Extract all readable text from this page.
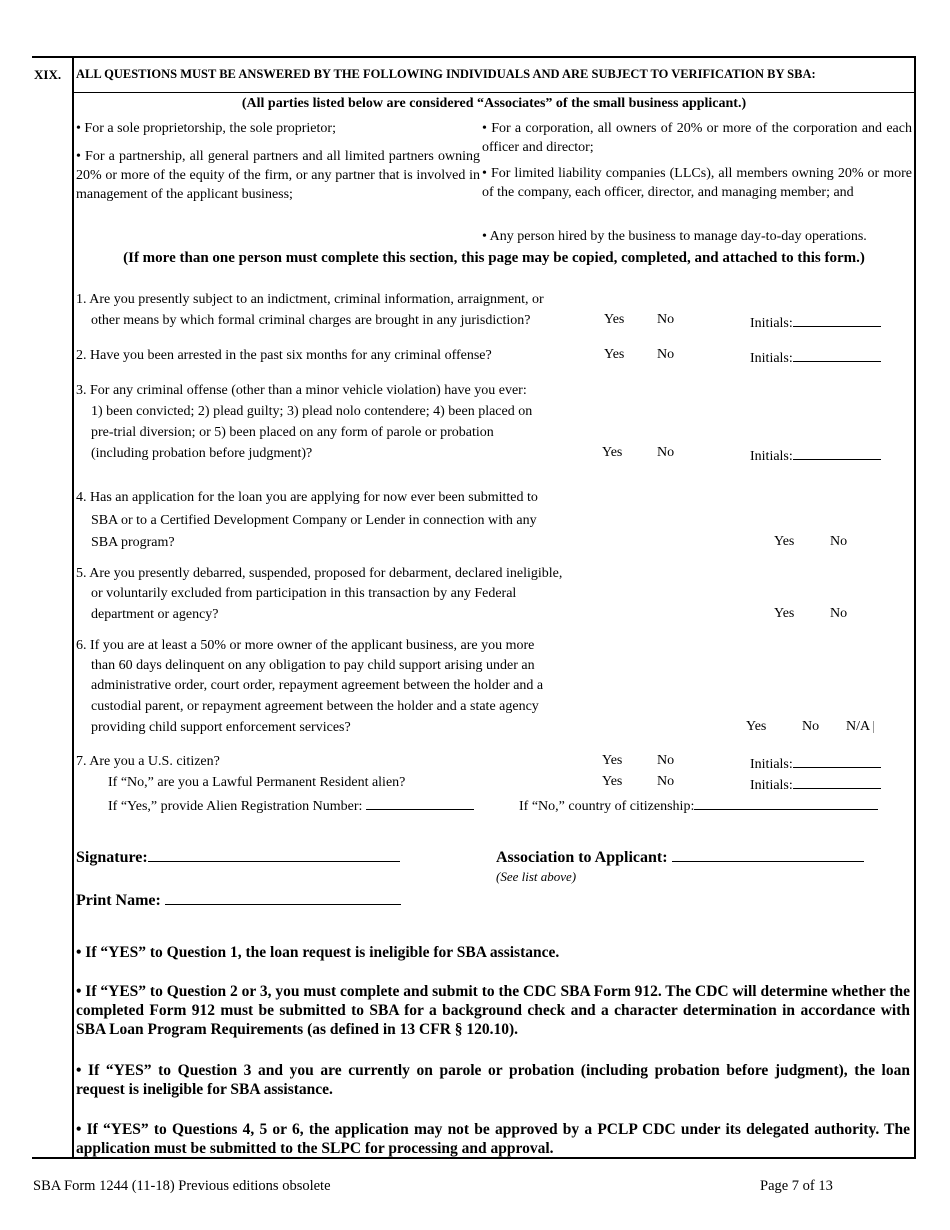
XIX. ALL QUESTIONS MUST BE ANSWERED BY THE FOLLOWING INDIVIDUALS AND ARE SUBJECT TO VERIFICATION BY SBA:
(All parties listed below are considered “Associates” of the small business applicant.)
• For a sole proprietorship, the sole proprietor;
• For a partnership, all general partners and all limited partners owning 20% or more of the equity of the firm, or any partner that is involved in management of the applicant business;
• For a corporation, all owners of 20% or more of the corporation and each officer and director;
• For limited liability companies (LLCs), all members owning 20% or more of the company, each officer, director, and managing member; and
• Any person hired by the business to manage day-to-day operations.
(If more than one person must complete this section, this page may be copied, completed, and attached to this form.)
1. Are you presently subject to an indictment, criminal information, arraignment, or
other means by which formal criminal charges are brought in any jurisdiction?	Yes No	Initials:
2. Have you been arrested in the past six months for any criminal offense?	Yes No	Initials:
3. For any criminal offense (other than a minor vehicle violation) have you ever:
1) been convicted; 2) plead guilty; 3) plead nolo contendere; 4) been placed on
pre-trial diversion; or 5) been placed on any form of parole or probation
(including probation before judgment)?	Yes No	Initials:
4. Has an application for the loan you are applying for now ever been submitted to
SBA or to a Certified Development Company or Lender in connection with any
SBA program?	Yes	No
5. Are you presently debarred, suspended, proposed for debarment, declared ineligible,
or voluntarily excluded from participation in this transaction by any Federal
department or agency?	Yes	No
6. If you are at least a 50% or more owner of the applicant business, are you more
than 60 days delinquent on any obligation to pay child support arising under an
administrative order, court order, repayment agreement between the holder and a
custodial parent, or repayment agreement between the holder and a state agency
providing child support enforcement services?	Yes	No N/A
7. Are you a U.S. citizen?	Yes No	Initials:
If “No,” are you a Lawful Permanent Resident alien?	Yes No	Initials:
If “Yes,” provide Alien Registration Number:	If “No,” country of citizenship:
Signature:	Association to Applicant:
(See list above)
Print Name:
• If “YES” to Question 1, the loan request is ineligible for SBA assistance.
• If “YES” to Question 2 or 3, you must complete and submit to the CDC SBA Form 912. The CDC will determine whether the completed Form 912 must be submitted to SBA for a background check and a character determination in accordance with SBA Loan Program Requirements (as defined in 13 CFR § 120.10).
• If “YES” to Question 3 and you are currently on parole or probation (including probation before judgment), the loan request is ineligible for SBA assistance.
• If “YES” to Questions 4, 5 or 6, the application may not be approved by a PCLP CDC under its delegated authority. The application must be submitted to the SLPC for processing and approval.
SBA Form 1244 (11-18) Previous editions obsolete	Page 7 of 13
